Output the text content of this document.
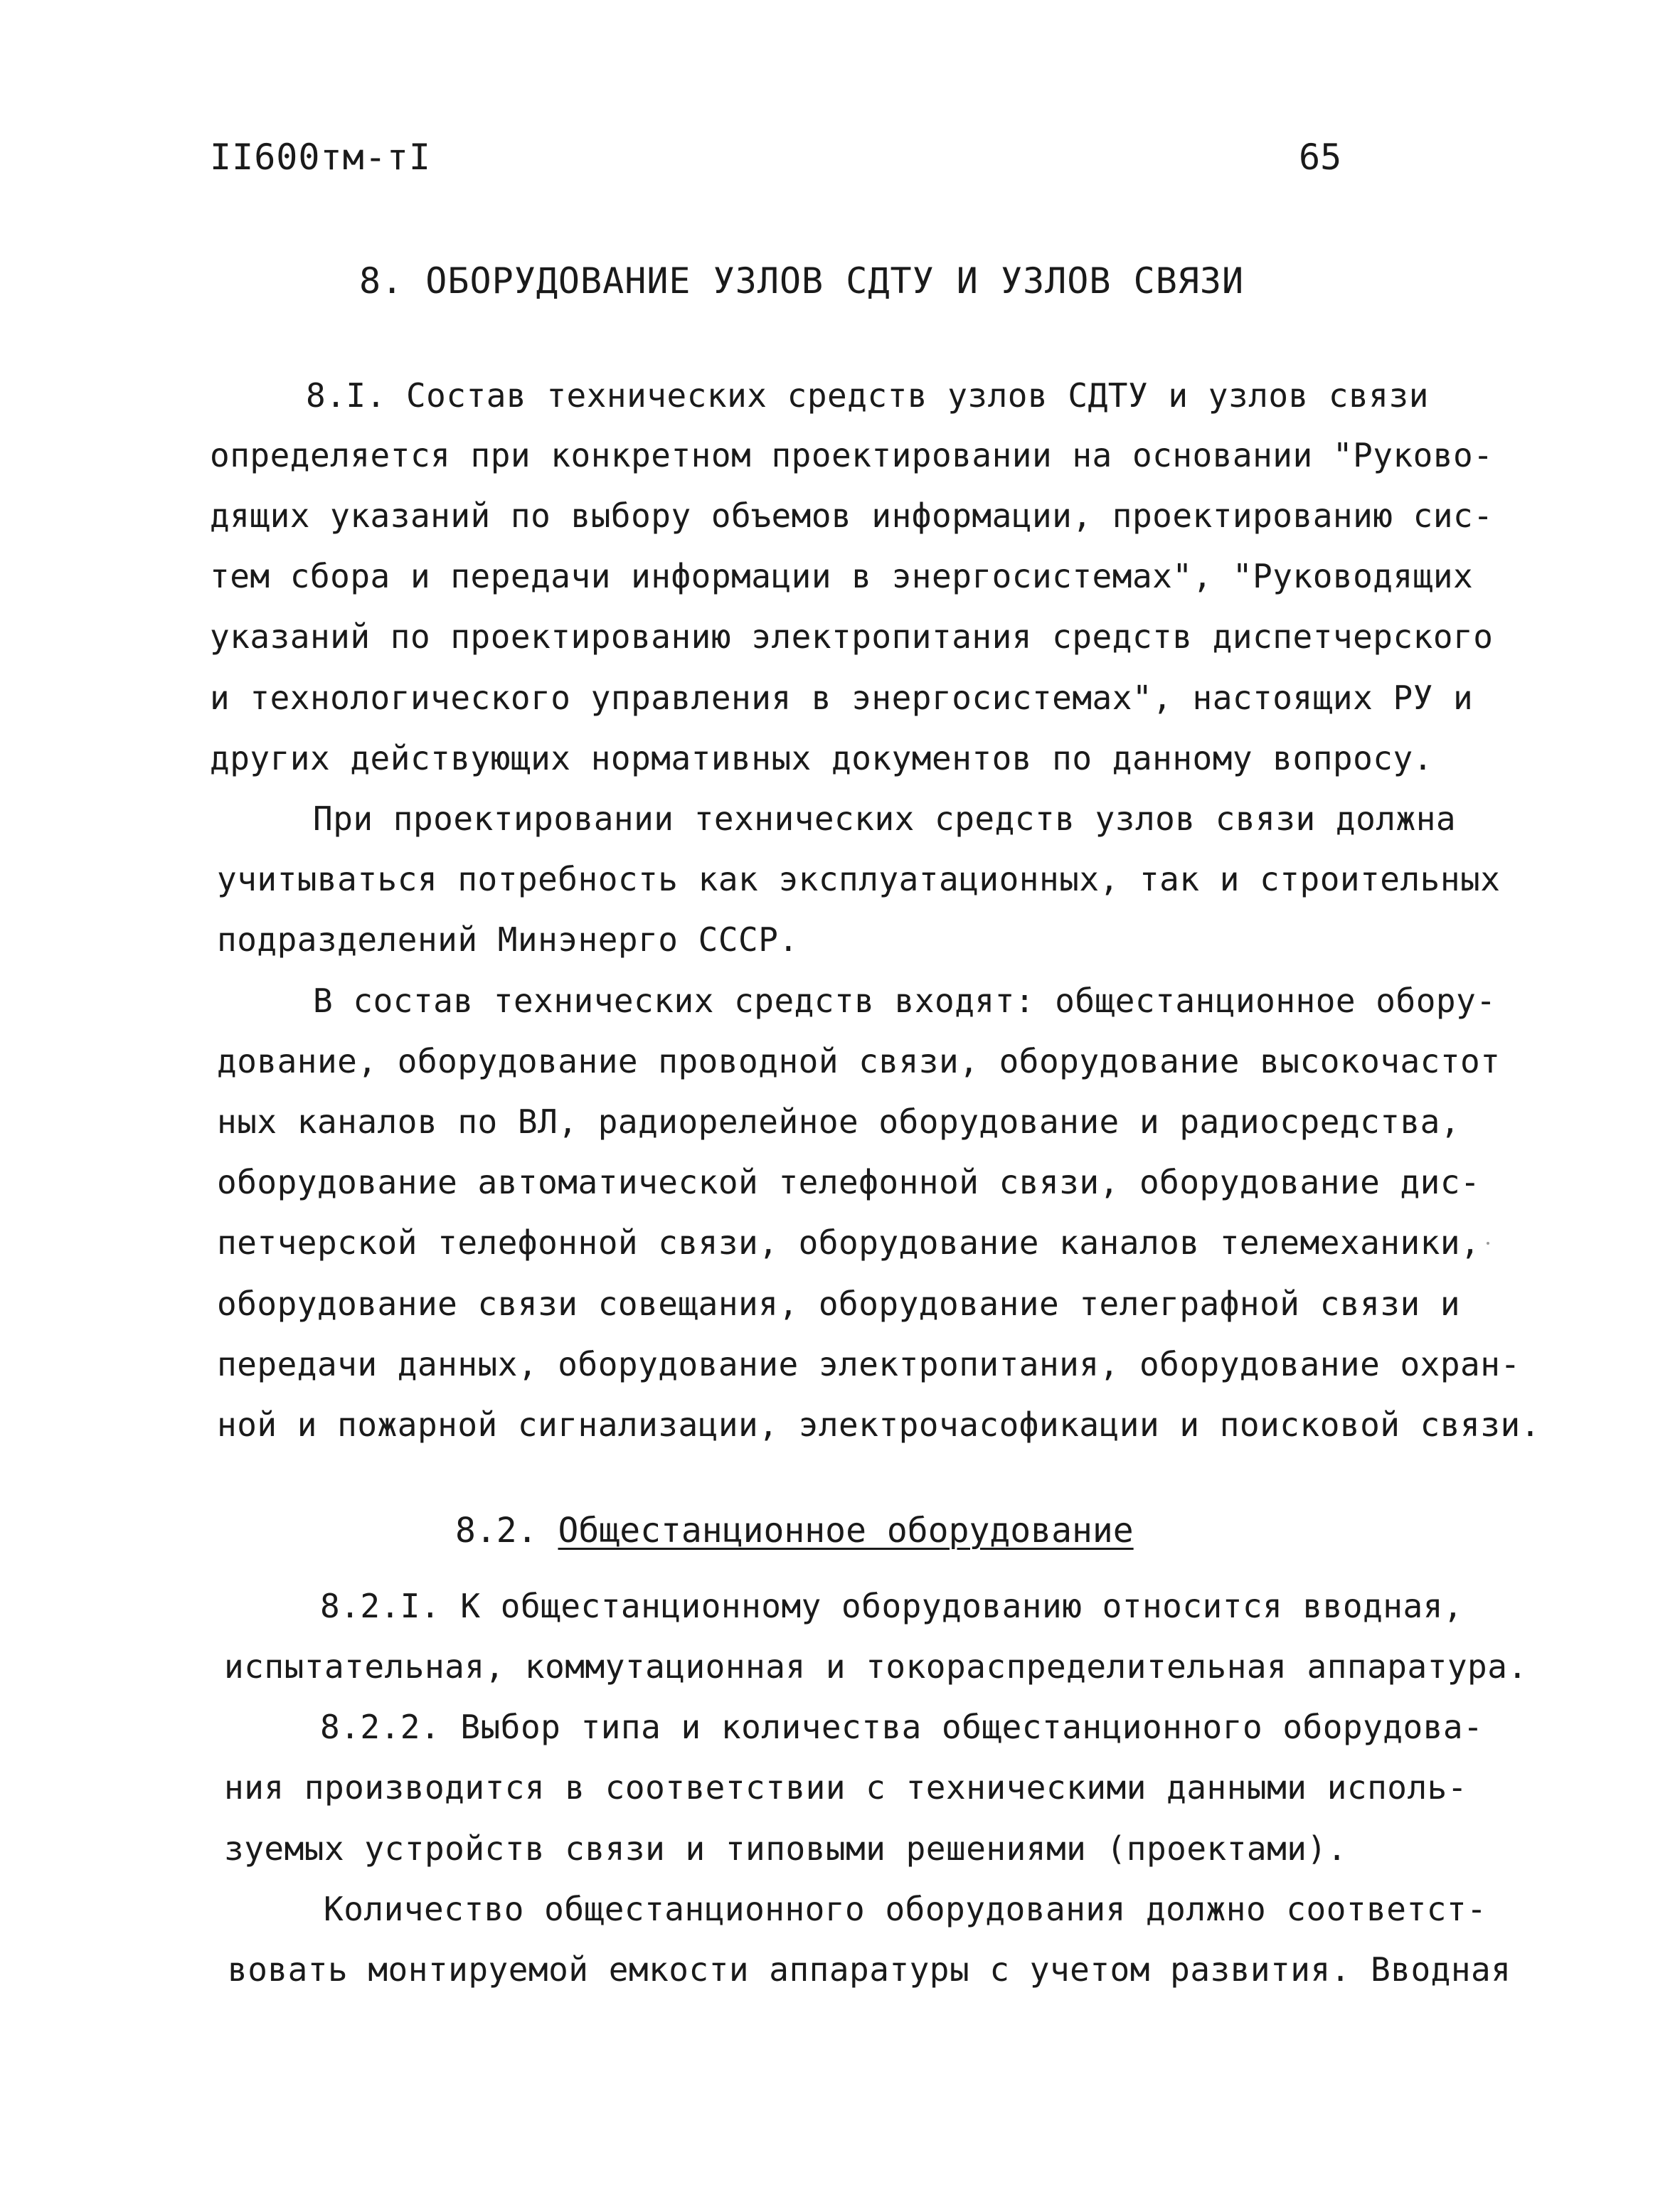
II600тм-тI	65
8. ОБОРУДОВАНИЕ УЗЛОВ СДТУ И УЗЛОВ СВЯЗИ
8.I. Состав технических средств узлов СДТУ и узлов связи
определяется при конкретном проектировании на основании "Руково-
дящих указаний по выбору объемов информации, проектированию сис-
тем сбора и передачи информации в энергосистемах", "Руководящих
указаний по проектированию электропитания средств диспетчерского
и технологического управления в энергосистемах", настоящих РУ и
других действующих нормативных документов по данному вопросу.
При проектировании технических средств узлов связи должна
учитываться потребность как эксплуатационных, так и строительных
подразделений Минэнерго СССР.
В состав технических средств входят: общестанционное обору-
дование, оборудование проводной связи, оборудование высокочастот
ных каналов по ВЛ, радиорелейное оборудование и радиосредства,
оборудование автоматической телефонной связи, оборудование дис-
петчерской телефонной связи, оборудование каналов телемеханики,
оборудование связи совещания, оборудование телеграфной связи и
передачи данных, оборудование электропитания, оборудование охран-
ной и пожарной сигнализации, электрочасофикации и поисковой связи.
8.2. Общестанционное оборудование
8.2.I. К общестанционному оборудованию относится вводная,
испытательная, коммутационная и токораспределительная аппаратура.
8.2.2. Выбор типа и количества общестанционного оборудова-
ния производится в соответствии с техническими данными исполь-
зуемых устройств связи и типовыми решениями (проектами).
Количество общестанционного оборудования должно соответст-
вовать монтируемой емкости аппаратуры с учетом развития. Вводная
